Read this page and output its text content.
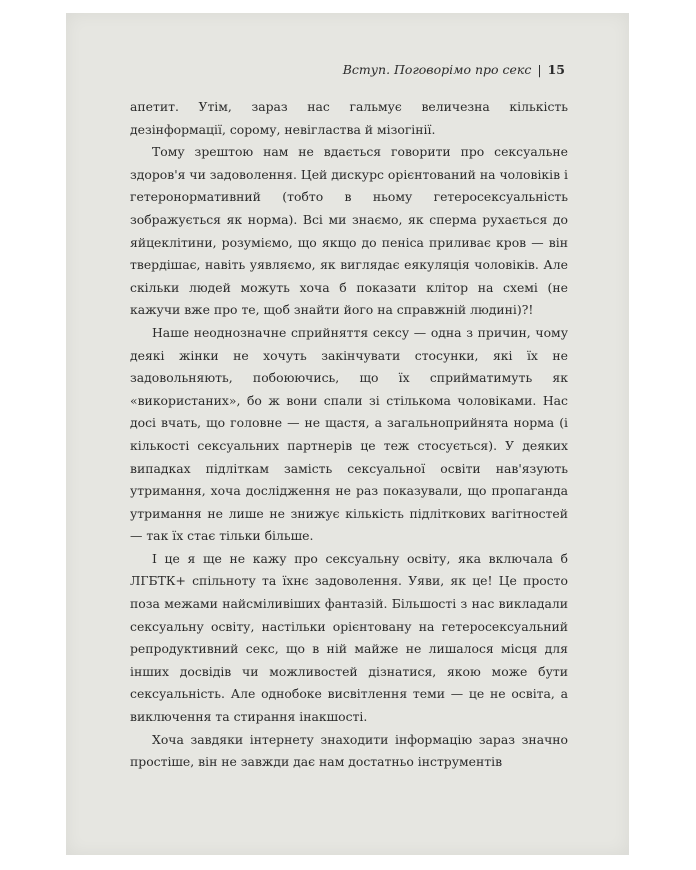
Вступ. Поговорімо про секс | 15

апетит. Утім, зараз нас гальмує величезна кількість дезінформації, сорому, невігластва й мізогінії.

Тому зрештою нам не вдається говорити про сексуальне здоров'я чи задоволення. Цей дискурс орієнтований на чоловіків і гетеронормативний (тобто в ньому гетеросексуальність зображується як норма). Всі ми знаємо, як сперма рухається до яйцеклітини, розуміємо, що якщо до пеніса приливає кров — він твердішає, навіть уявляємо, як виглядає еякуляція чоловіків. Але скільки людей можуть хоча б показати клітор на схемі (не кажучи вже про те, щоб знайти його на справжній людині)?!

Наше неоднозначне сприйняття сексу — одна з причин, чому деякі жінки не хочуть закінчувати стосунки, які їх не задовольняють, побоюючись, що їх сприйматимуть як «використаних», бо ж вони спали зі стількома чоловіками. Нас досі вчать, що головне — не щастя, а загальноприйнята норма (і кількості сексуальних партнерів це теж стосується). У деяких випадках підліткам замість сексуальної освіти нав'язують утримання, хоча дослідження не раз показували, що пропаганда утримання не лише не знижує кількість підліткових вагітностей — так їх стає тільки більше.

І це я ще не кажу про сексуальну освіту, яка включала б ЛГБТК+ спільноту та їхнє задоволення. Уяви, як це! Це просто поза межами найсміливіших фантазій. Більшості з нас викладали сексуальну освіту, настільки орієнтовану на гетеросексуальний репродуктивний секс, що в ній майже не лишалося місця для інших досвідів чи можливостей дізнатися, якою може бути сексуальність. Але однобоке висвітлення теми — це не освіта, а виключення та стирання інакшості.

Хоча завдяки інтернету знаходити інформацію зараз значно простіше, він не завжди дає нам достатньо інструментів
